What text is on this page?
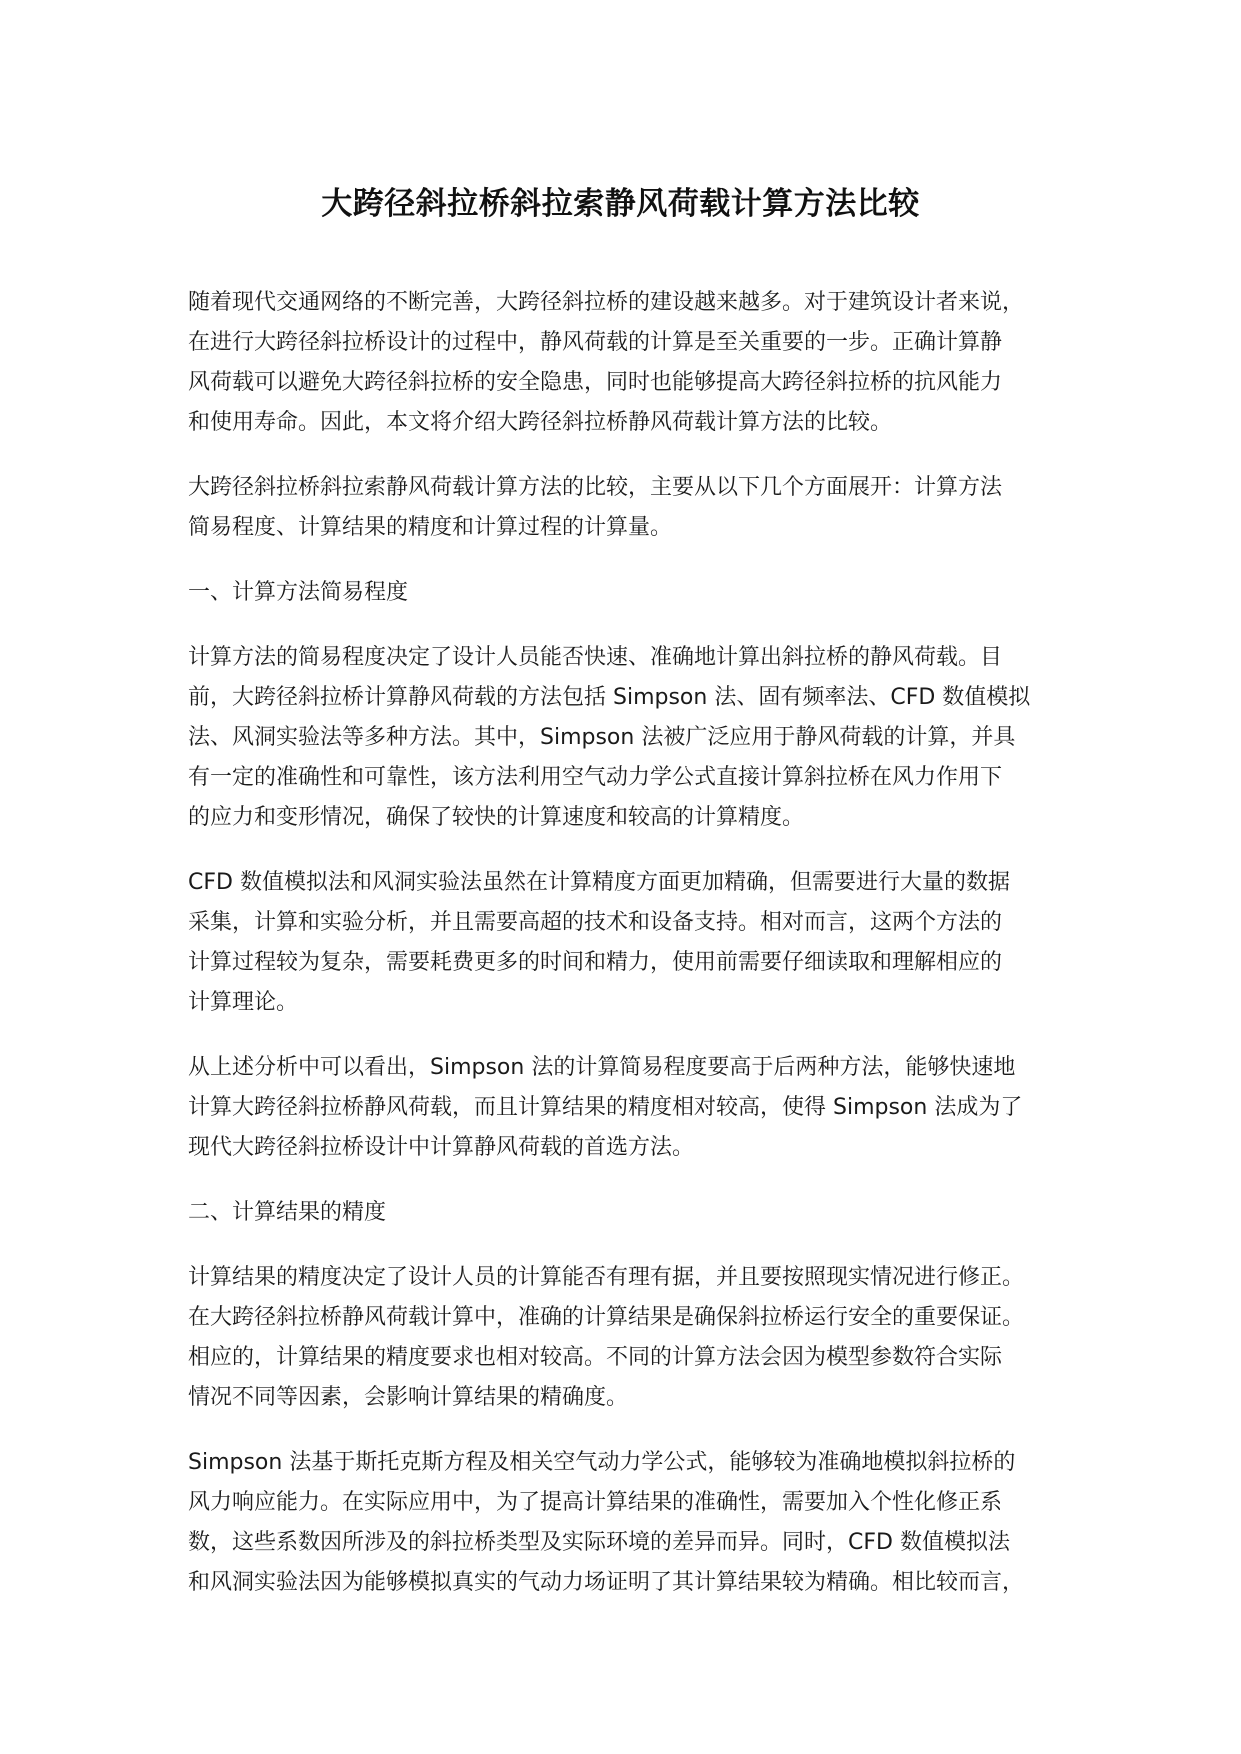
大跨径斜拉桥斜拉索静风荷载计算方法比较

随着现代交通网络的不断完善，大跨径斜拉桥的建设越来越多。对于建筑设计者来说，
在进行大跨径斜拉桥设计的过程中，静风荷载的计算是至关重要的一步。正确计算静
风荷载可以避免大跨径斜拉桥的安全隐患，同时也能够提高大跨径斜拉桥的抗风能力
和使用寿命。因此，本文将介绍大跨径斜拉桥静风荷载计算方法的比较。

大跨径斜拉桥斜拉索静风荷载计算方法的比较，主要从以下几个方面展开：计算方法
简易程度、计算结果的精度和计算过程的计算量。

一、计算方法简易程度

计算方法的简易程度决定了设计人员能否快速、准确地计算出斜拉桥的静风荷载。目
前，大跨径斜拉桥计算静风荷载的方法包括 Simpson 法、固有频率法、CFD 数值模拟
法、风洞实验法等多种方法。其中，Simpson 法被广泛应用于静风荷载的计算，并具
有一定的准确性和可靠性，该方法利用空气动力学公式直接计算斜拉桥在风力作用下
的应力和变形情况，确保了较快的计算速度和较高的计算精度。

CFD 数值模拟法和风洞实验法虽然在计算精度方面更加精确，但需要进行大量的数据
采集，计算和实验分析，并且需要高超的技术和设备支持。相对而言，这两个方法的
计算过程较为复杂，需要耗费更多的时间和精力，使用前需要仔细读取和理解相应的
计算理论。

从上述分析中可以看出，Simpson 法的计算简易程度要高于后两种方法，能够快速地
计算大跨径斜拉桥静风荷载，而且计算结果的精度相对较高，使得 Simpson 法成为了
现代大跨径斜拉桥设计中计算静风荷载的首选方法。

二、计算结果的精度

计算结果的精度决定了设计人员的计算能否有理有据，并且要按照现实情况进行修正。
在大跨径斜拉桥静风荷载计算中，准确的计算结果是确保斜拉桥运行安全的重要保证。
相应的，计算结果的精度要求也相对较高。不同的计算方法会因为模型参数符合实际
情况不同等因素，会影响计算结果的精确度。

Simpson 法基于斯托克斯方程及相关空气动力学公式，能够较为准确地模拟斜拉桥的
风力响应能力。在实际应用中，为了提高计算结果的准确性，需要加入个性化修正系
数，这些系数因所涉及的斜拉桥类型及实际环境的差异而异。同时，CFD 数值模拟法
和风洞实验法因为能够模拟真实的气动力场证明了其计算结果较为精确。相比较而言，
